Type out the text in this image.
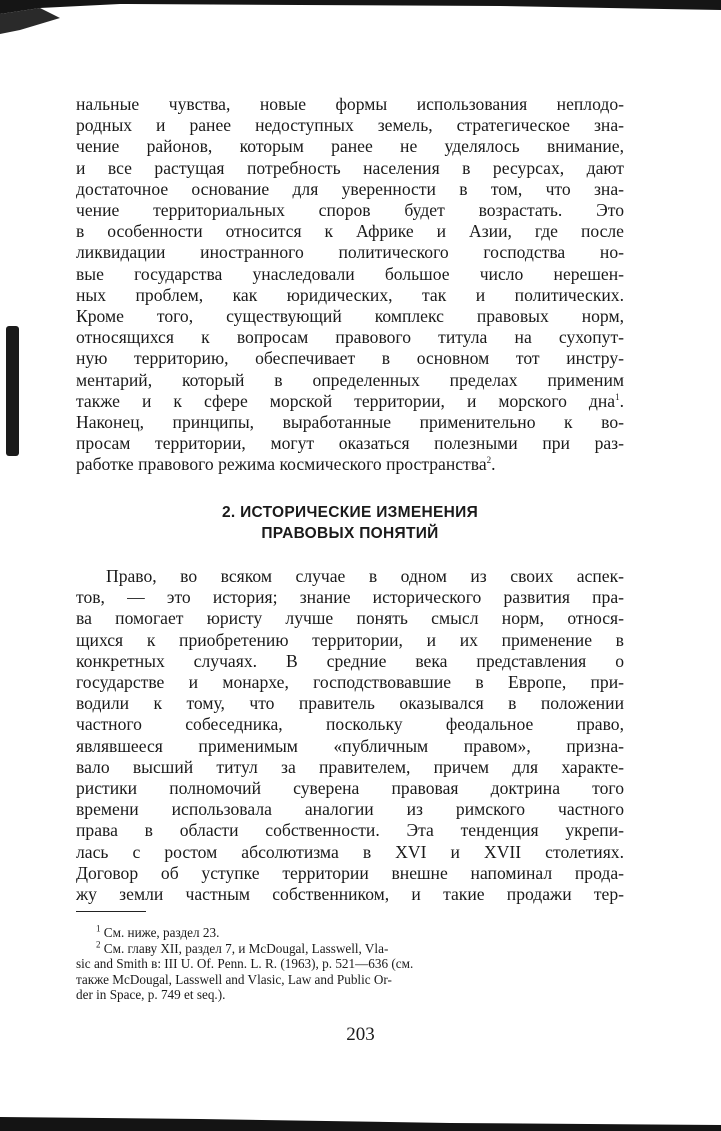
нальные чувства, новые формы использования неплодо-
родных и ранее недоступных земель, стратегическое зна-
чение районов, которым ранее не уделялось внимание,
и все растущая потребность населения в ресурсах, дают
достаточное основание для уверенности в том, что зна-
чение территориальных споров будет возрастать. Это
в особенности относится к Африке и Азии, где после
ликвидации иностранного политического господства но-
вые государства унаследовали большое число нерешен-
ных проблем, как юридических, так и политических.
Кроме того, существующий комплекс правовых норм,
относящихся к вопросам правового титула на сухопут-
ную территорию, обеспечивает в основном тот инстру-
ментарий, который в определенных пределах применим
также и к сфере морской территории, и морского дна$^1$.
Наконец, принципы, выработанные применительно к во-
просам территории, могут оказаться полезными при раз-
работке правового режима космического пространства$^2$.
2. ИСТОРИЧЕСКИЕ ИЗМЕНЕНИЯ
ПРАВОВЫХ ПОНЯТИЙ
Право, во всяком случае в одном из своих аспек-
тов, — это история; знание исторического развития пра-
ва помогает юристу лучше понять смысл норм, относя-
щихся к приобретению территории, и их применение в
конкретных случаях. В средние века представления о
государстве и монархе, господствовавшие в Европе, при-
водили к тому, что правитель оказывался в положении
частного собеседника, поскольку феодальное право,
являвшееся применимым «публичным правом», призна-
вало высший титул за правителем, причем для характе-
ристики полномочий суверена правовая доктрина того
времени использовала аналогии из римского частного
права в области собственности. Эта тенденция укрепи-
лась с ростом абсолютизма в XVI и XVII столетиях.
Договор об уступке территории внешне напоминал прода-
жу земли частным собственником, и такие продажи тер-
$^1$ См. ниже, раздел 23.
$^2$ См. главу XII, раздел 7, и McDougal, Lasswell, Vla-
sic and Smith в: III U. Of. Penn. L. R. (1963), p. 521—636 (см.
также McDougal, Lasswell and Vlasic, Law and Public Or-
der in Space, p. 749 et seq.).
203
